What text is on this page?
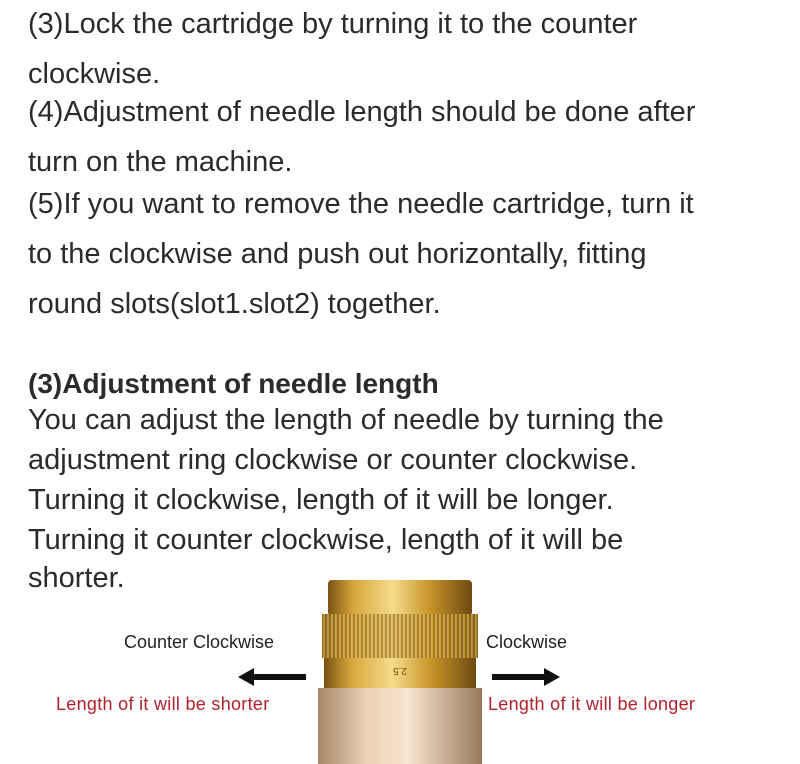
(3)Lock the cartridge by turning it to the counter

clockwise.

(4)Adjustment of needle length should be done after

turn on the machine.

(5)If you want to remove the needle cartridge, turn it

to the clockwise and push out horizontally, fitting

round slots(slot1.slot2) together.

(3)Adjustment of needle length

You can adjust the length of needle by turning the

adjustment ring clockwise or counter clockwise.

Turning it clockwise, length of it will be longer.

Turning it counter clockwise, length of it will be

shorter.

Counter Clockwise	Clockwise
Length of it will be shorter	Length of it will be longer
2.5
